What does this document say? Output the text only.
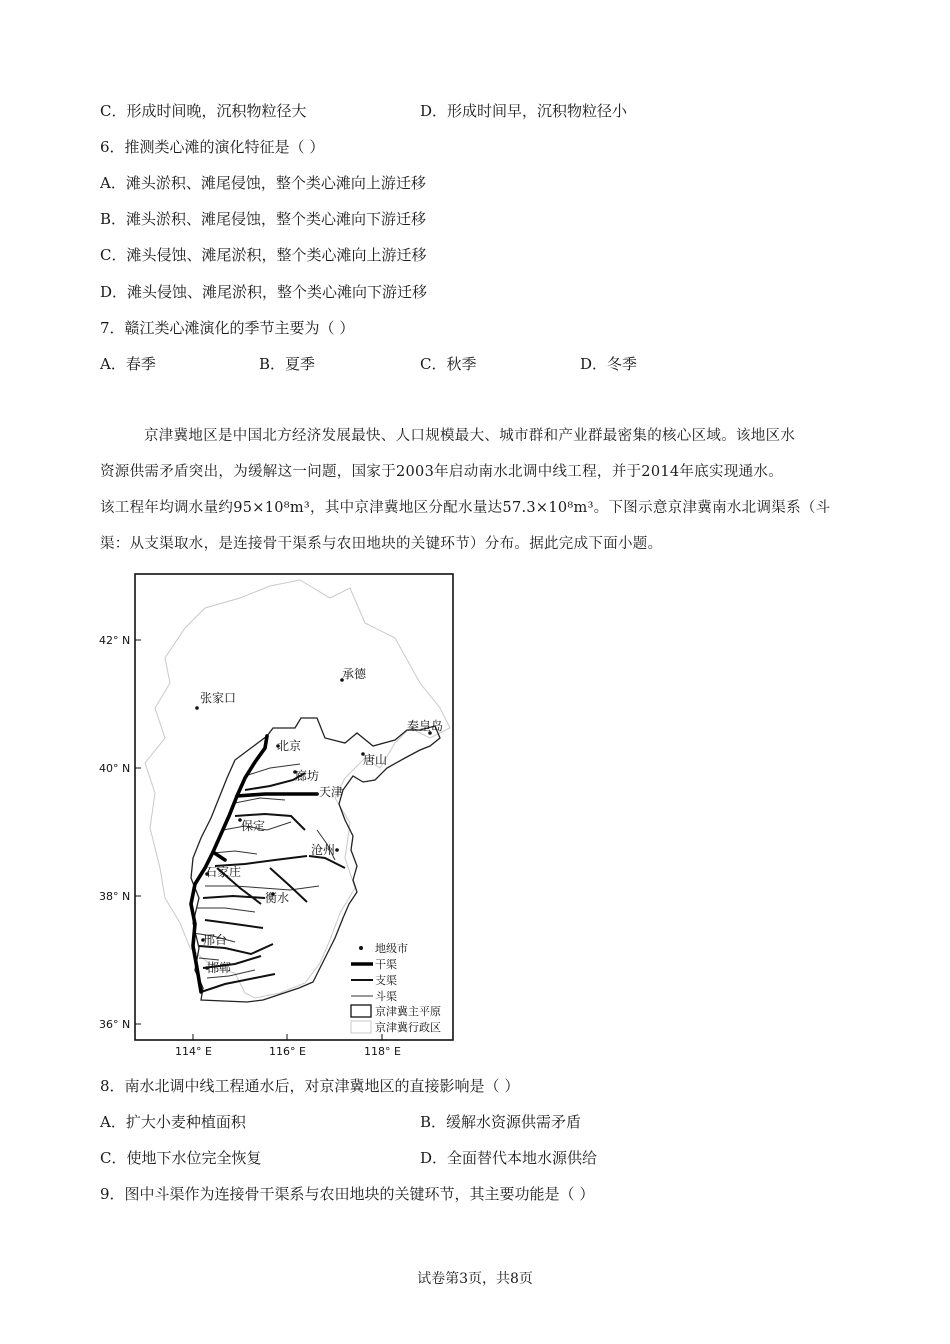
C．形成时间晚，沉积物粒径大	D．形成时间早，沉积物粒径小
6．推测类心滩的演化特征是（ ）
A．滩头淤积、滩尾侵蚀，整个类心滩向上游迁移
B．滩头淤积、滩尾侵蚀，整个类心滩向下游迁移
C．滩头侵蚀、滩尾淤积，整个类心滩向上游迁移
D．滩头侵蚀、滩尾淤积，整个类心滩向下游迁移
7．赣江类心滩演化的季节主要为（ ）
A．春季	B．夏季	C．秋季	D．冬季
京津冀地区是中国北方经济发展最快、人口规模最大、城市群和产业群最密集的核心区域。该地区水
资源供需矛盾突出，为缓解这一问题，国家于2003年启动南水北调中线工程，并于2014年底实现通水。
该工程年均调水量约95×10⁸m³，其中京津冀地区分配水量达57.3×10⁸m³。下图示意京津冀南水北调渠系（斗
渠：从支渠取水，是连接骨干渠系与农田地块的关键环节）分布。据此完成下面小题。
承德
张家口
秦皇岛
北京
唐山
廊坊
天津
保定
沧州
石家庄
衡水
邢台
邯郸
42° N
40° N
38° N
36° N
114° E	116° E	118° E
地级市
干渠
支渠
斗渠
京津冀主平原
京津冀行政区
8．南水北调中线工程通水后，对京津冀地区的直接影响是（ ）
A．扩大小麦种植面积	B．缓解水资源供需矛盾
C．使地下水位完全恢复	D．全面替代本地水源供给
9．图中斗渠作为连接骨干渠系与农田地块的关键环节，其主要功能是（ ）
试卷第3页，共8页
